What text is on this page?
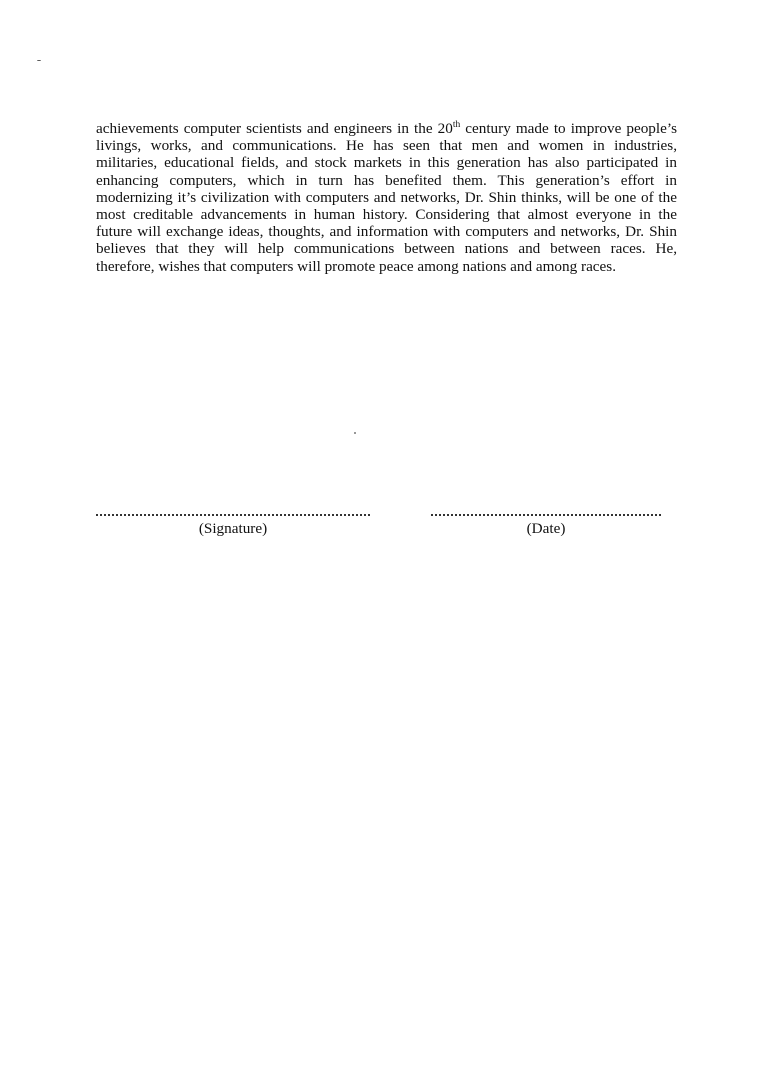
achievements computer scientists and engineers in the 20th century made to improve people’s
livings, works, and communications. He has seen that men and women in industries,
militaries, educational fields, and stock markets in this generation has also participated in
enhancing computers, which in turn has benefited them. This generation’s effort in
modernizing it’s civilization with computers and networks, Dr. Shin thinks, will be one of the
most creditable advancements in human history. Considering that almost everyone in the
future will exchange ideas, thoughts, and information with computers and networks, Dr. Shin
believes that they will help communications between nations and between races. He,
therefore, wishes that computers will promote peace among nations and among races.

(Signature)	(Date)
